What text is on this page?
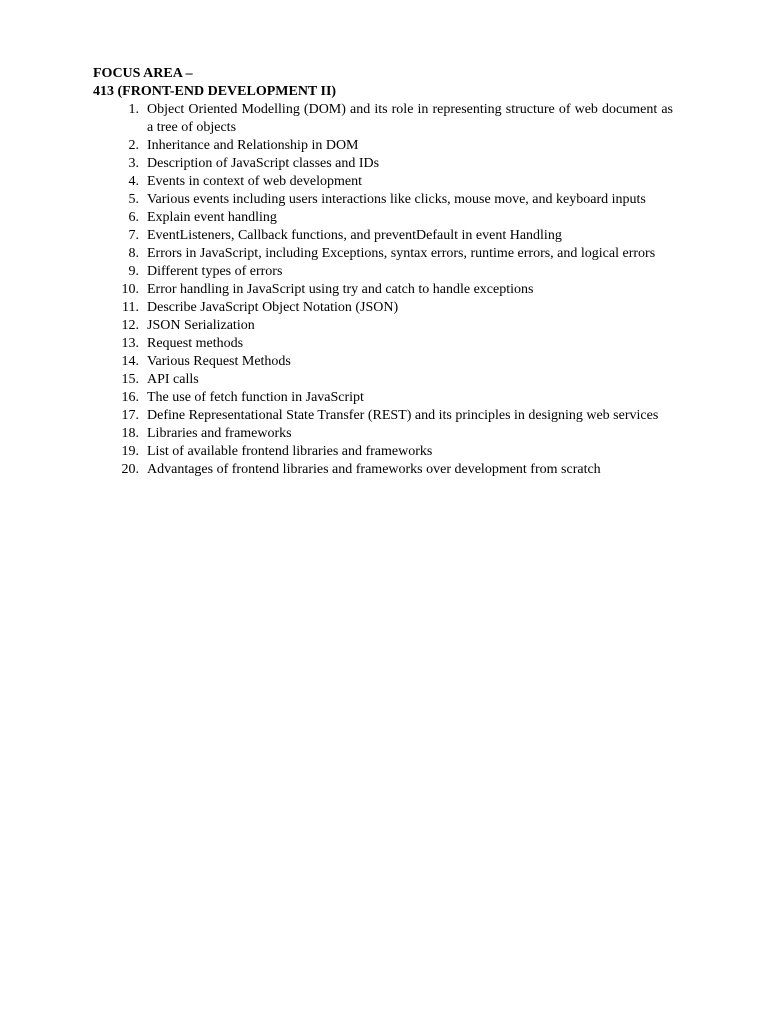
FOCUS AREA –

413 (FRONT-END DEVELOPMENT II)

1. Object Oriented Modelling (DOM) and its role in representing structure of web document as a tree of objects
2. Inheritance and Relationship in DOM
3. Description of JavaScript classes and IDs
4. Events in context of web development
5. Various events including users interactions like clicks, mouse move, and keyboard inputs
6. Explain event handling
7. EventListeners, Callback functions, and preventDefault in event Handling
8. Errors in JavaScript, including Exceptions, syntax errors, runtime errors, and logical errors
9. Different types of errors
10. Error handling in JavaScript using try and catch to handle exceptions
11. Describe JavaScript Object Notation (JSON)
12. JSON Serialization
13. Request methods
14. Various Request Methods
15. API calls
16. The use of fetch function in JavaScript
17. Define Representational State Transfer (REST) and its principles in designing web services
18. Libraries and frameworks
19. List of available frontend libraries and frameworks
20. Advantages of frontend libraries and frameworks over development from scratch
